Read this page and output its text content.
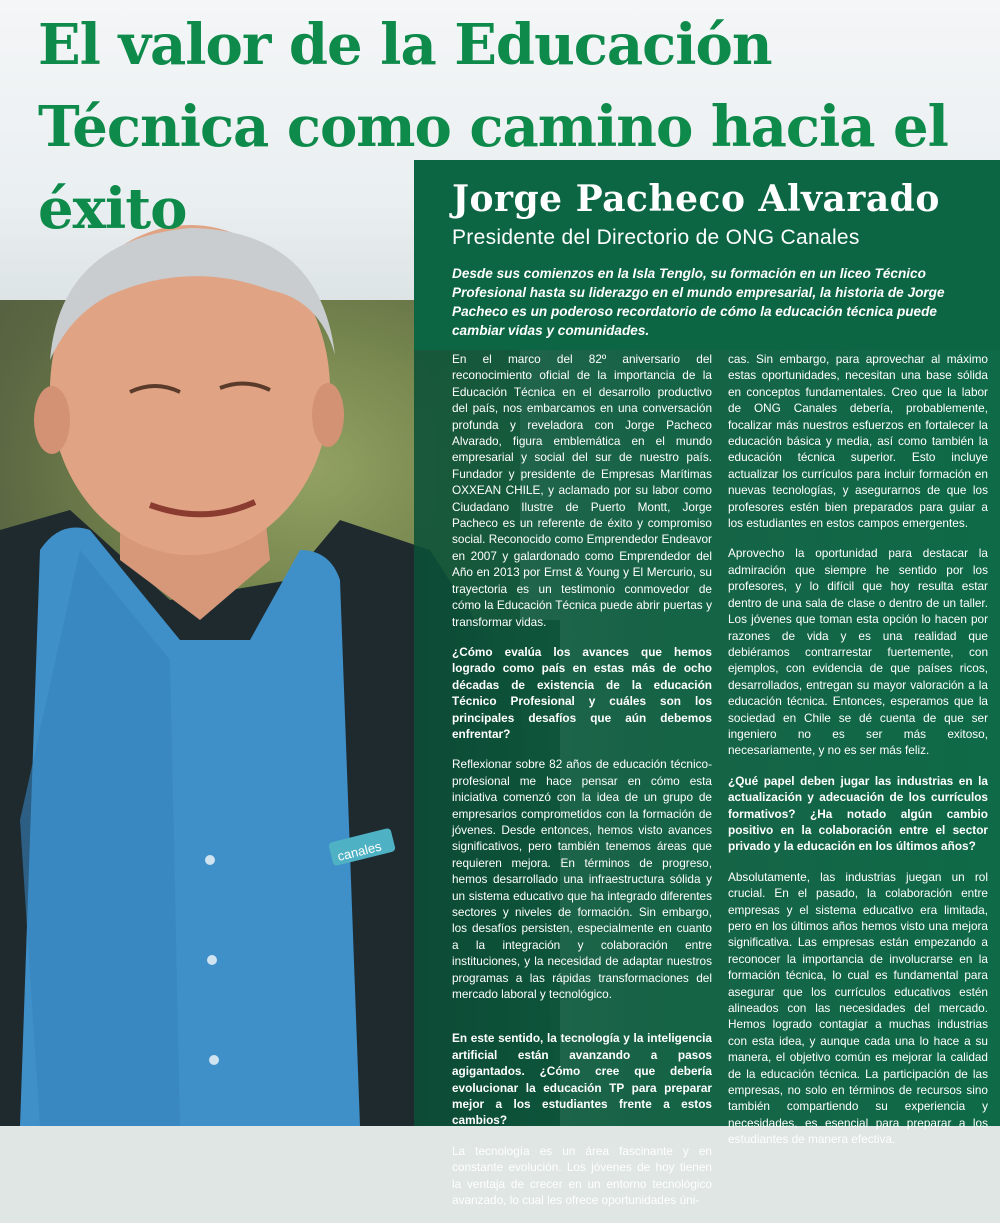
canales
El valor de la Educación Técnica como camino hacia el éxito	Jorge Pacheco Alvarado
Presidente del Directorio de ONG Canales
Desde sus comienzos en la Isla Tenglo, su formación en un liceo Técnico Profesional hasta su liderazgo en el mundo empresarial, la historia de Jorge Pacheco es un poderoso recordatorio de cómo la educación técnica puede cambiar vidas y comunidades.

En el marco del 82º aniversario del reconocimiento oficial de la importancia de la Educación Técnica en el desarrollo productivo del país, nos embarcamos en una conversación profunda y reveladora con Jorge Pacheco Alvarado, figura emblemática en el mundo empresarial y social del sur de nuestro país. Fundador y presidente de Empresas Marítimas OXXEAN CHILE, y aclamado por su labor como Ciudadano Ilustre de Puerto Montt, Jorge Pacheco es un referente de éxito y compromiso social. Reconocido como Emprendedor Endeavor en 2007 y galardonado como Emprendedor del Año en 2013 por Ernst & Young y El Mercurio, su trayectoria es un testimonio conmovedor de cómo la Educación Técnica puede abrir puertas y transformar vidas.

¿Cómo evalúa los avances que hemos logrado como país en estas más de ocho décadas de existencia de la educación Técnico Profesional y cuáles son los principales desafíos que aún debemos enfrentar?

Reflexionar sobre 82 años de educación técnico-profesional me hace pensar en cómo esta iniciativa comenzó con la idea de un grupo de empresarios comprometidos con la formación de jóvenes. Desde entonces, hemos visto avances significativos, pero también tenemos áreas que requieren mejora. En términos de progreso, hemos desarrollado una infraestructura sólida y un sistema educativo que ha integrado diferentes sectores y niveles de formación. Sin embargo, los desafíos persisten, especialmente en cuanto a la integración y colaboración entre instituciones, y la necesidad de adaptar nuestros programas a las rápidas transformaciones del mercado laboral y tecnológico.

En este sentido, la tecnología y la inteligencia artificial están avanzando a pasos agigantados. ¿Cómo cree que debería evolucionar la educación TP para preparar mejor a los estudiantes frente a estos cambios?

La tecnología es un área fascinante y en constante evolución. Los jóvenes de hoy tienen la ventaja de crecer en un entorno tecnológico avanzado, lo cual les ofrece oportunidades úni-

cas. Sin embargo, para aprovechar al máximo estas oportunidades, necesitan una base sólida en conceptos fundamentales. Creo que la labor de ONG Canales debería, probablemente, focalizar más nuestros esfuerzos en fortalecer la educación básica y media, así como también la educación técnica superior. Esto incluye actualizar los currículos para incluir formación en nuevas tecnologías, y asegurarnos de que los profesores estén bien preparados para guiar a los estudiantes en estos campos emergentes.

Aprovecho la oportunidad para destacar la admiración que siempre he sentido por los profesores, y lo difícil que hoy resulta estar dentro de una sala de clase o dentro de un taller. Los jóvenes que toman esta opción lo hacen por razones de vida y es una realidad que debiéramos contrarrestar fuertemente, con ejemplos, con evidencia de que países ricos, desarrollados, entregan su mayor valoración a la educación técnica. Entonces, esperamos que la sociedad en Chile se dé cuenta de que ser ingeniero no es ser más exitoso, necesariamente, y no es ser más feliz.

¿Qué papel deben jugar las industrias en la actualización y adecuación de los currículos formativos? ¿Ha notado algún cambio positivo en la colaboración entre el sector privado y la educación en los últimos años?

Absolutamente, las industrias juegan un rol crucial. En el pasado, la colaboración entre empresas y el sistema educativo era limitada, pero en los últimos años hemos visto una mejora significativa. Las empresas están empezando a reconocer la importancia de involucrarse en la formación técnica, lo cual es fundamental para asegurar que los currículos educativos estén alineados con las necesidades del mercado. Hemos logrado contagiar a muchas industrias con esta idea, y aunque cada una lo hace a su manera, el objetivo común es mejorar la calidad de la educación técnica. La participación de las empresas, no solo en términos de recursos sino también compartiendo su experiencia y necesidades, es esencial para preparar a los estudiantes de manera efectiva.
